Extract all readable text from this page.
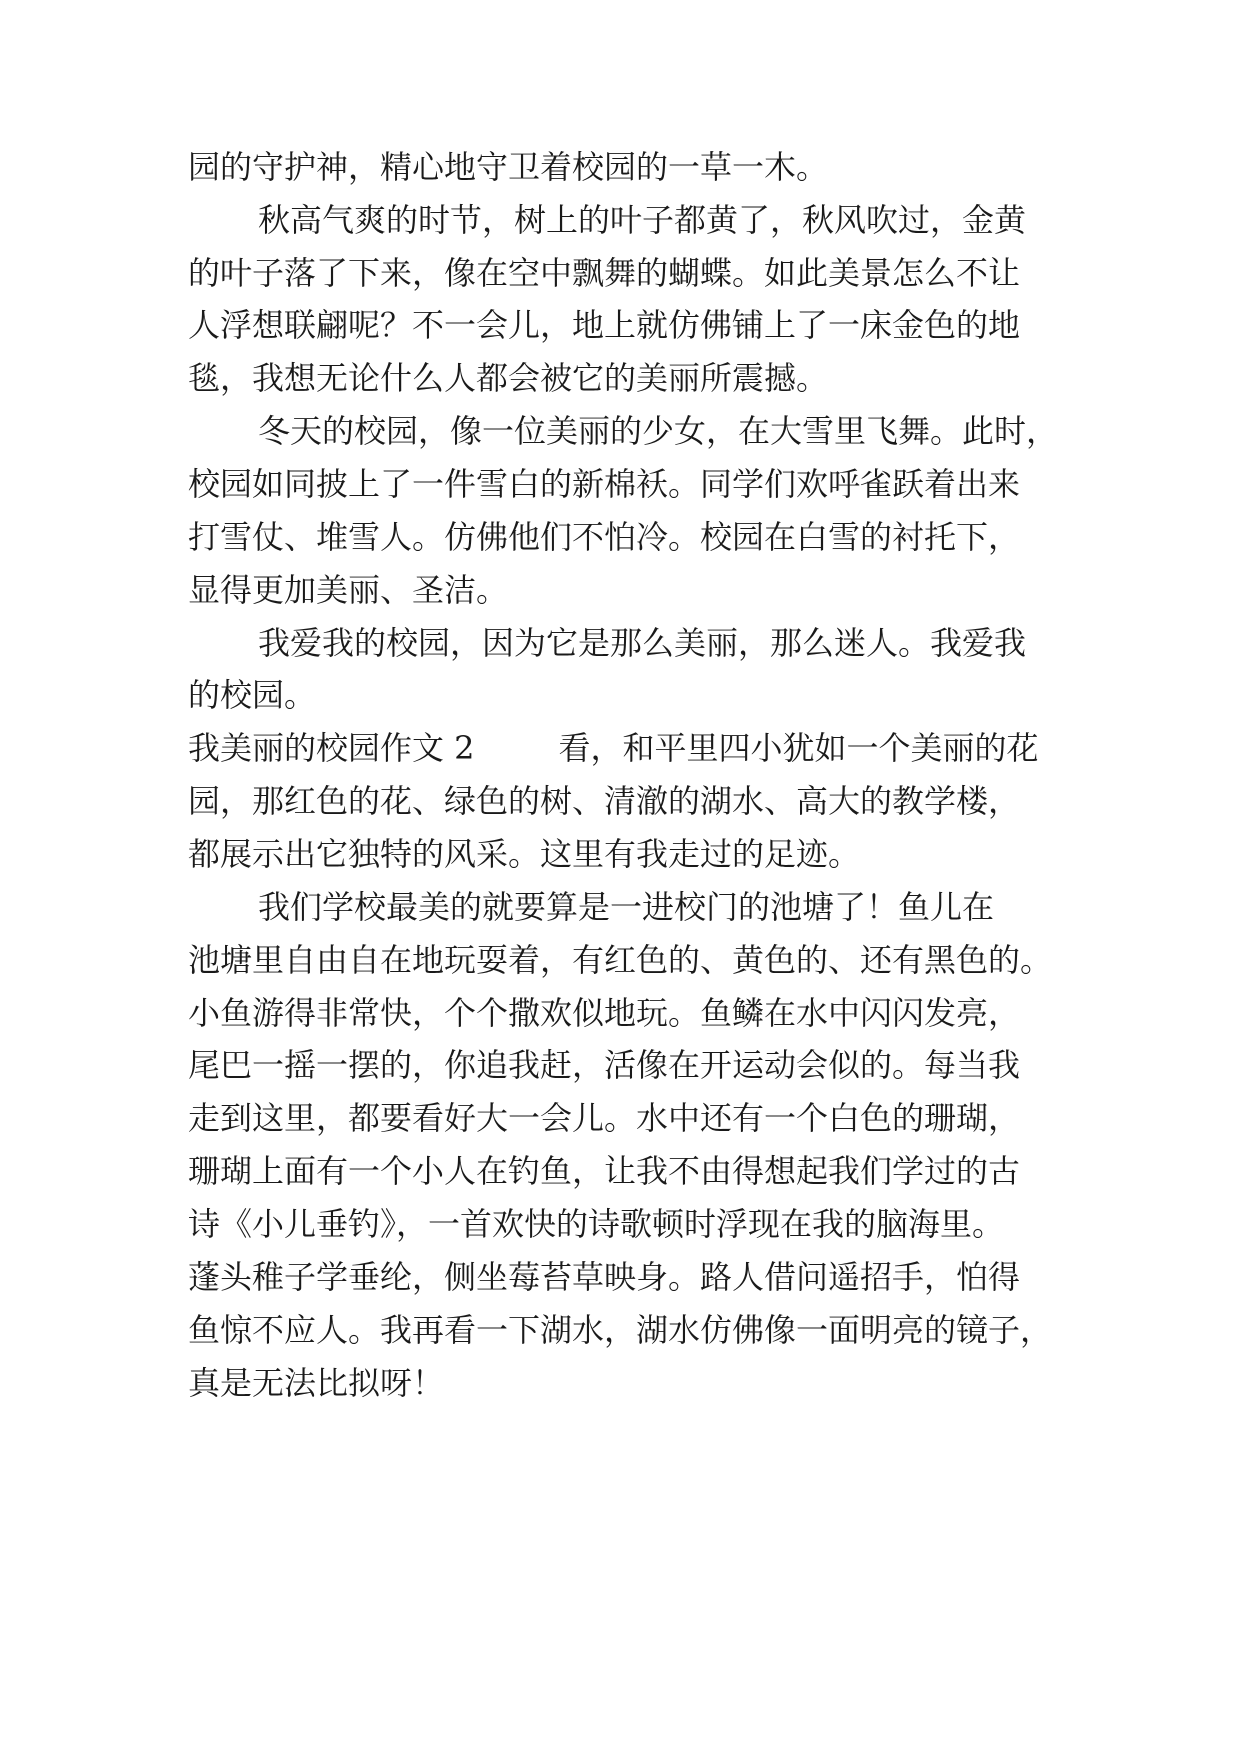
园的守护神，精心地守卫着校园的一草一木。
秋高气爽的时节，树上的叶子都黄了，秋风吹过，金黄
的叶子落了下来，像在空中飘舞的蝴蝶。如此美景怎么不让
人浮想联翩呢？不一会儿，地上就仿佛铺上了一床金色的地
毯，我想无论什么人都会被它的美丽所震撼。
冬天的校园，像一位美丽的少女，在大雪里飞舞。此时，
校园如同披上了一件雪白的新棉袄。同学们欢呼雀跃着出来
打雪仗、堆雪人。仿佛他们不怕冷。校园在白雪的衬托下，
显得更加美丽、圣洁。
我爱我的校园，因为它是那么美丽，那么迷人。我爱我
的校园。
我美丽的校园作文 2	看，和平里四小犹如一个美丽的花
园，那红色的花、绿色的树、清澈的湖水、高大的教学楼，
都展示出它独特的风采。这里有我走过的足迹。
我们学校最美的就要算是一进校门的池塘了！鱼儿在
池塘里自由自在地玩耍着，有红色的、黄色的、还有黑色的。
小鱼游得非常快，个个撒欢似地玩。鱼鳞在水中闪闪发亮，
尾巴一摇一摆的，你追我赶，活像在开运动会似的。每当我
走到这里，都要看好大一会儿。水中还有一个白色的珊瑚，
珊瑚上面有一个小人在钓鱼，让我不由得想起我们学过的古
诗《小儿垂钓》，一首欢快的诗歌顿时浮现在我的脑海里。
蓬头稚子学垂纶，侧坐莓苔草映身。路人借问遥招手，怕得
鱼惊不应人。我再看一下湖水，湖水仿佛像一面明亮的镜子，
真是无法比拟呀！
